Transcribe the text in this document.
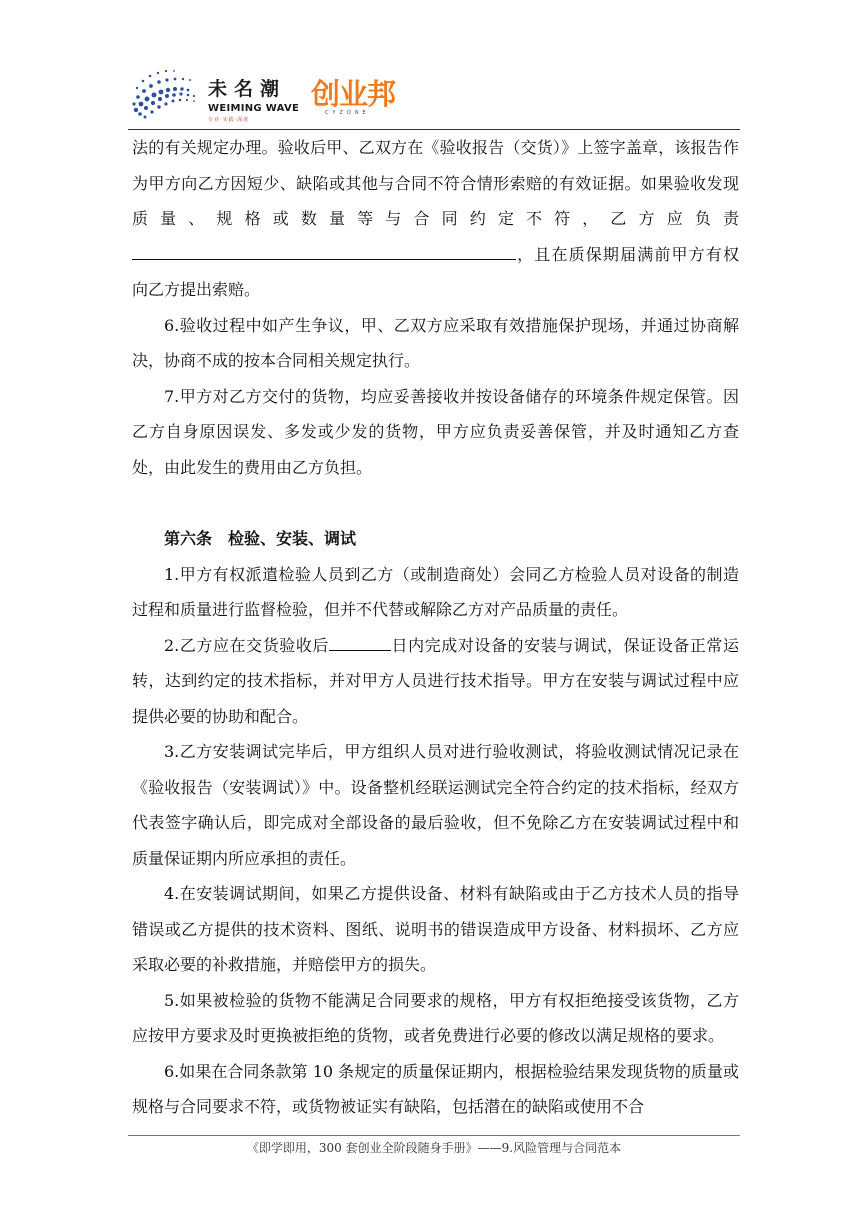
未名潮
WEIMING WAVE
专业·实践·深度
创业邦
CYZONE

法的有关规定办理。验收后甲、乙双方在《验收报告（交货）》上签字盖章，该报告作为甲方向乙方因短少、缺陷或其他与合同不符合情形索赔的有效证据。如果验收发现质量、规格或数量等与合同约定不符，乙方应负责，且在质保期届满前甲方有权向乙方提出索赔。

6.验收过程中如产生争议，甲、乙双方应采取有效措施保护现场，并通过协商解决，协商不成的按本合同相关规定执行。

7.甲方对乙方交付的货物，均应妥善接收并按设备储存的环境条件规定保管。因乙方自身原因误发、多发或少发的货物，甲方应负责妥善保管，并及时通知乙方查处，由此发生的费用由乙方负担。

第六条　检验、安装、调试

1.甲方有权派遣检验人员到乙方（或制造商处）会同乙方检验人员对设备的制造过程和质量进行监督检验，但并不代替或解除乙方对产品质量的责任。

2.乙方应在交货验收后	日内完成对设备的安装与调试，保证设备正常运转，达到约定的技术指标，并对甲方人员进行技术指导。甲方在安装与调试过程中应提供必要的协助和配合。

3.乙方安装调试完毕后，甲方组织人员对进行验收测试，将验收测试情况记录在《验收报告（安装调试）》中。设备整机经联运测试完全符合约定的技术指标，经双方代表签字确认后，即完成对全部设备的最后验收，但不免除乙方在安装调试过程中和质量保证期内所应承担的责任。

4.在安装调试期间，如果乙方提供设备、材料有缺陷或由于乙方技术人员的指导错误或乙方提供的技术资料、图纸、说明书的错误造成甲方设备、材料损坏、乙方应采取必要的补救措施，并赔偿甲方的损失。

5.如果被检验的货物不能满足合同要求的规格，甲方有权拒绝接受该货物，乙方应按甲方要求及时更换被拒绝的货物，或者免费进行必要的修改以满足规格的要求。

6.如果在合同条款第 10 条规定的质量保证期内，根据检验结果发现货物的质量或规格与合同要求不符，或货物被证实有缺陷，包括潜在的缺陷或使用不合

《即学即用，300 套创业全阶段随身手册》——9.风险管理与合同范本
